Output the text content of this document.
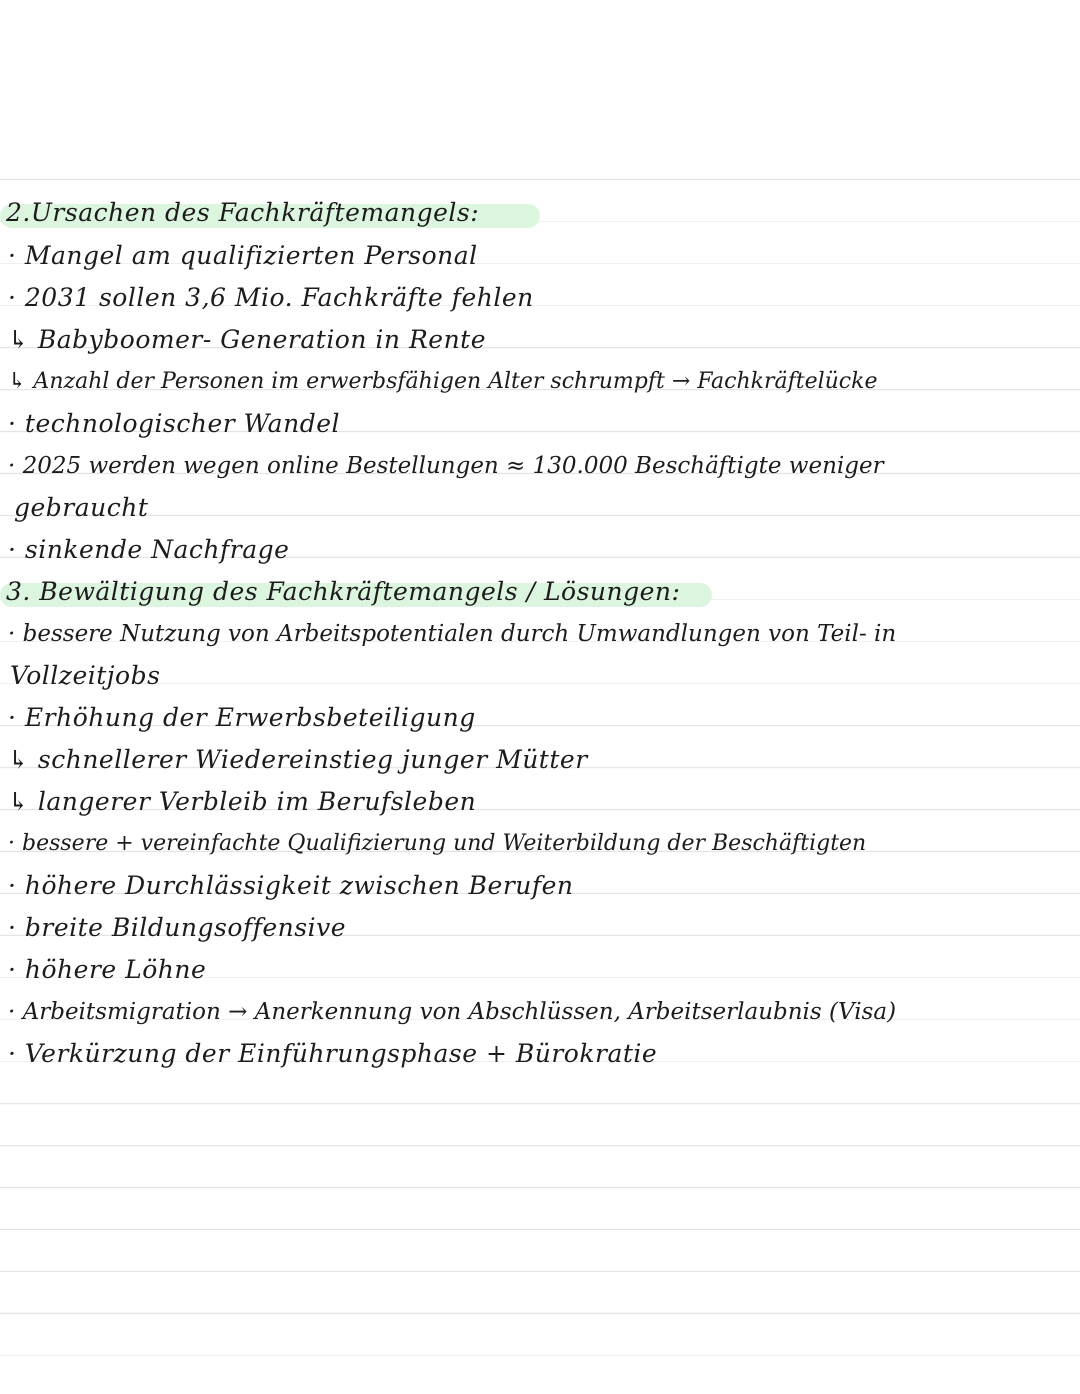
2.Ursachen des Fachkräftemangels:
· Mangel am qualifizierten Personal
· 2031 sollen 3,6 Mio. Fachkräfte fehlen
↳ Babyboomer- Generation in Rente
↳ Anzahl der Personen im erwerbsfähigen Alter schrumpft → Fachkräftelücke
· technologischer Wandel
· 2025 werden wegen online Bestellungen ≈ 130.000 Beschäftigte weniger
gebraucht
· sinkende Nachfrage
3. Bewältigung des Fachkräftemangels / Lösungen:
· bessere Nutzung von Arbeitspotentialen durch Umwandlungen von Teil- in
Vollzeitjobs
· Erhöhung der Erwerbsbeteiligung
↳ schnellerer Wiedereinstieg junger Mütter
↳ langerer Verbleib im Berufsleben
· bessere + vereinfachte Qualifizierung und Weiterbildung der Beschäftigten
· höhere Durchlässigkeit zwischen Berufen
· breite Bildungsoffensive
· höhere Löhne
· Arbeitsmigration → Anerkennung von Abschlüssen, Arbeitserlaubnis (Visa)
· Verkürzung der Einführungsphase + Bürokratie
